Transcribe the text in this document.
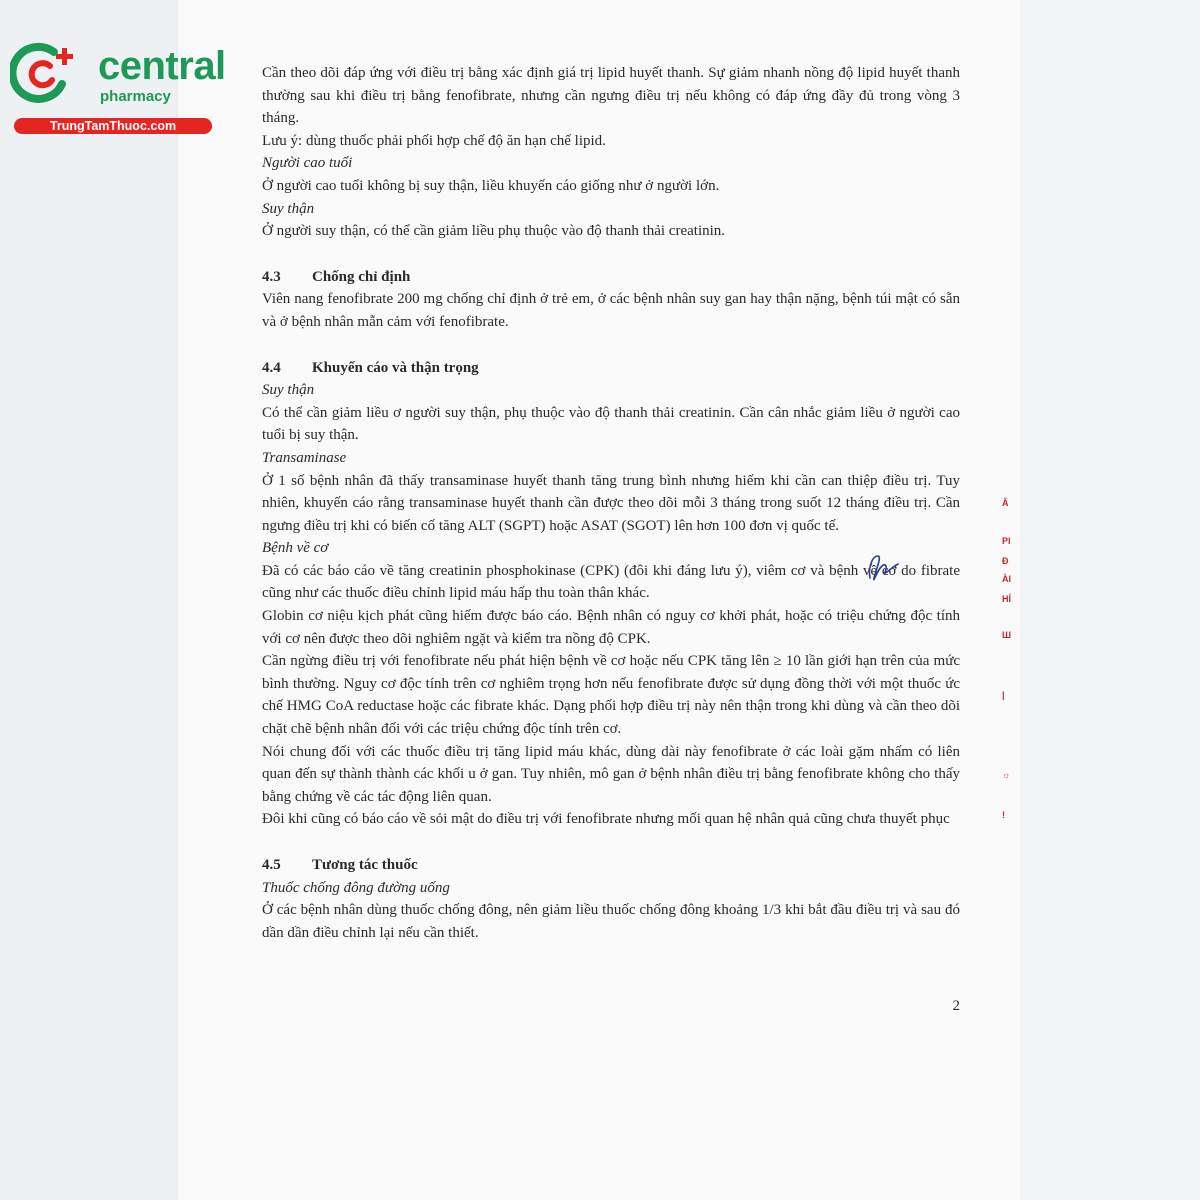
central
pharmacy
TrungTamThuoc.com

Cần theo dõi đáp ứng với điều trị bằng xác định giá trị lipid huyết thanh. Sự giảm nhanh nồng độ lipid huyết thanh thường sau khi điều trị bằng fenofibrate, nhưng cần ngưng điều trị nếu không có đáp ứng đầy đủ trong vòng 3 tháng.

Lưu ý: dùng thuốc phải phối hợp chế độ ăn hạn chế lipid.

Người cao tuổi

Ở người cao tuổi không bị suy thận, liều khuyến cáo giống như ở người lớn.

Suy thận

Ở người suy thận, có thể cần giảm liều phụ thuộc vào độ thanh thải creatinin.

4.3 Chống chỉ định

Viên nang fenofibrate 200 mg chống chỉ định ở trẻ em, ở các bệnh nhân suy gan hay thận nặng, bệnh túi mật có sẵn và ở bệnh nhân mẫn cảm với fenofibrate.

4.4 Khuyến cáo và thận trọng

Suy thận

Có thể cần giảm liều ơ người suy thận, phụ thuộc vào độ thanh thải creatinin. Cần cân nhắc giảm liều ở người cao tuổi bị suy thận.

Transaminase

Ở 1 số bệnh nhân đã thấy transaminase huyết thanh tăng trung bình nhưng hiếm khi cần can thiệp điều trị. Tuy nhiên, khuyến cáo rằng transaminase huyết thanh cần được theo dõi mỗi 3 tháng trong suốt 12 tháng điều trị. Cần ngưng điều trị khi có biến cố tăng ALT (SGPT) hoặc ASAT (SGOT) lên hơn 100 đơn vị quốc tế.

Bệnh về cơ

Đã có các báo cáo về tăng creatinin phosphokinase (CPK) (đôi khi đáng lưu ý), viêm cơ và bệnh về cơ do fibrate cũng như các thuốc điều chỉnh lipid máu hấp thu toàn thân khác.

Globin cơ niệu kịch phát cũng hiếm được báo cáo. Bệnh nhân có nguy cơ khởi phát, hoặc có triệu chứng độc tính với cơ nên được theo dõi nghiêm ngặt và kiểm tra nồng độ CPK.

Cần ngừng điều trị với fenofibrate nếu phát hiện bệnh về cơ hoặc nếu CPK tăng lên ≥ 10 lần giới hạn trên của mức bình thường. Nguy cơ độc tính trên cơ nghiêm trọng hơn nếu fenofibrate được sử dụng đồng thời với một thuốc ức chế HMG CoA reductase hoặc các fibrate khác. Dạng phối hợp điều trị này nên thận trong khi dùng và cần theo dõi chặt chẽ bệnh nhân đối với các triệu chứng độc tính trên cơ.

Nói chung đối với các thuốc điều trị tăng lipid máu khác, dùng dài này fenofibrate ở các loài gặm nhấm có liên quan đến sự thành thành các khối u ở gan. Tuy nhiên, mô gan ở bệnh nhân điều trị bằng fenofibrate không cho thấy bằng chứng về các tác động liên quan.

Đôi khi cũng có báo cáo về sỏi mật do điều trị với fenofibrate nhưng mối quan hệ nhân quả cũng chưa thuyết phục

4.5 Tương tác thuốc

Thuốc chống đông đường uống

Ở các bệnh nhân dùng thuốc chống đông, nên giảm liều thuốc chống đông khoảng 1/3 khi bắt đầu điều trị và sau đó dần dần điều chỉnh lại nếu cần thiết.

2
Â
Pl
Đ
Àl
HÍ
Ш
|
☼
!
